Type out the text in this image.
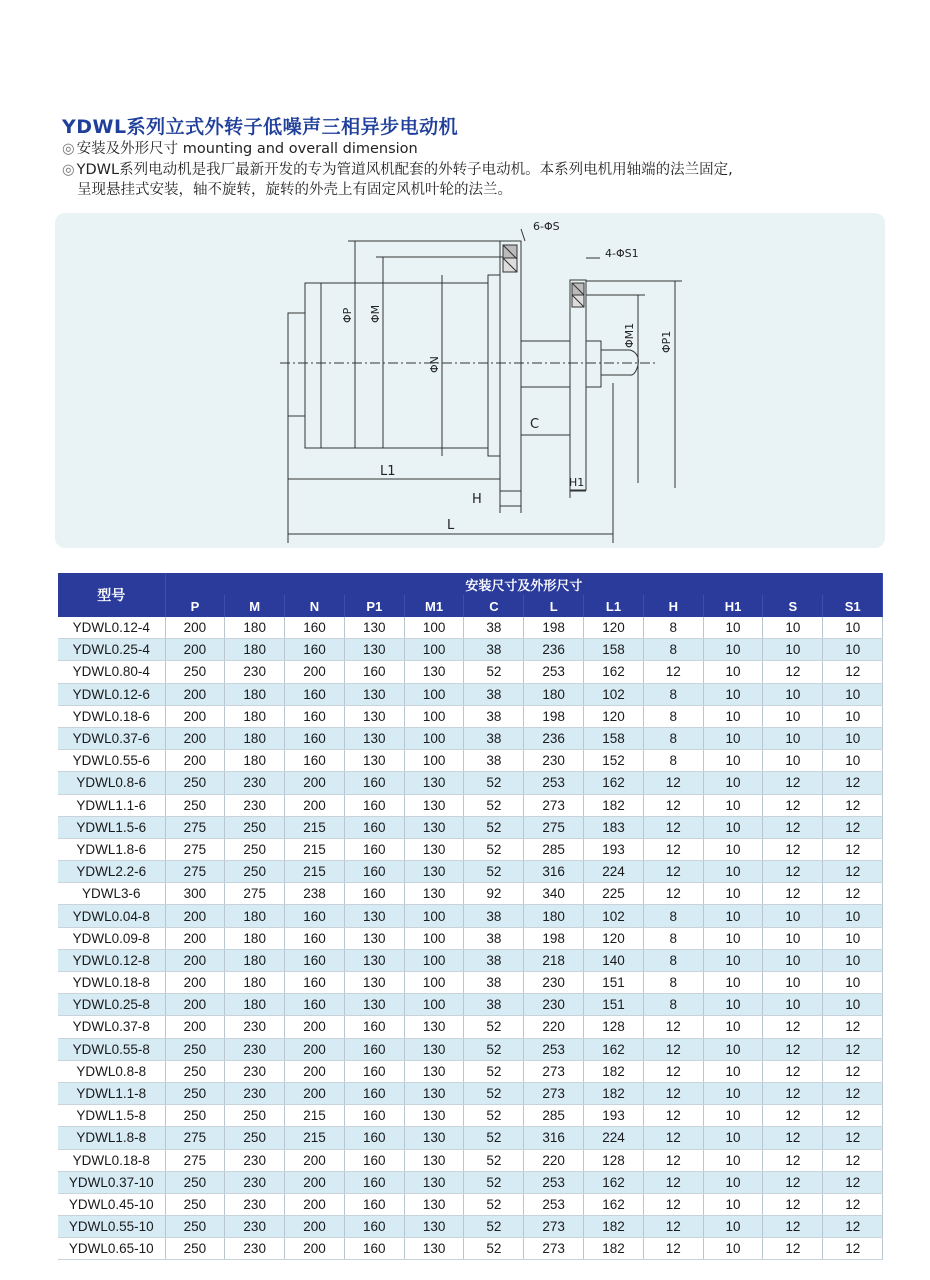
YDWL系列立式外转子低噪声三相异步电动机
◎ 安装及外形尺寸 mounting and overall dimension
◎ YDWL系列电动机是我厂最新开发的专为管道风机配套的外转子电动机。本系列电机用轴端的法兰固定,
呈现悬挂式安装，轴不旋转，旋转的外壳上有固定风机叶轮的法兰。
6-ΦS
4-ΦS1
ΦP ΦM
ΦN
ΦM1 ΦP1
C
L1
H
H1
L
型号	安装尺寸及外形尺寸											
	P	M	N	P1	M1	C	L	L1	H	H1	S	S1
YDWL0.12-4	200	180	160	130	100	38	198	120	8	10	10	10
YDWL0.25-4	200	180	160	130	100	38	236	158	8	10	10	10
YDWL0.80-4	250	230	200	160	130	52	253	162	12	10	12	12
YDWL0.12-6	200	180	160	130	100	38	180	102	8	10	10	10
YDWL0.18-6	200	180	160	130	100	38	198	120	8	10	10	10
YDWL0.37-6	200	180	160	130	100	38	236	158	8	10	10	10
YDWL0.55-6	200	180	160	130	100	38	230	152	8	10	10	10
YDWL0.8-6	250	230	200	160	130	52	253	162	12	10	12	12
YDWL1.1-6	250	230	200	160	130	52	273	182	12	10	12	12
YDWL1.5-6	275	250	215	160	130	52	275	183	12	10	12	12
YDWL1.8-6	275	250	215	160	130	52	285	193	12	10	12	12
YDWL2.2-6	275	250	215	160	130	52	316	224	12	10	12	12
YDWL3-6	300	275	238	160	130	92	340	225	12	10	12	12
YDWL0.04-8	200	180	160	130	100	38	180	102	8	10	10	10
YDWL0.09-8	200	180	160	130	100	38	198	120	8	10	10	10
YDWL0.12-8	200	180	160	130	100	38	218	140	8	10	10	10
YDWL0.18-8	200	180	160	130	100	38	230	151	8	10	10	10
YDWL0.25-8	200	180	160	130	100	38	230	151	8	10	10	10
YDWL0.37-8	200	230	200	160	130	52	220	128	12	10	12	12
YDWL0.55-8	250	230	200	160	130	52	253	162	12	10	12	12
YDWL0.8-8	250	230	200	160	130	52	273	182	12	10	12	12
YDWL1.1-8	250	230	200	160	130	52	273	182	12	10	12	12
YDWL1.5-8	250	250	215	160	130	52	285	193	12	10	12	12
YDWL1.8-8	275	250	215	160	130	52	316	224	12	10	12	12
YDWL0.18-8	275	230	200	160	130	52	220	128	12	10	12	12
YDWL0.37-10	250	230	200	160	130	52	253	162	12	10	12	12
YDWL0.45-10	250	230	200	160	130	52	253	162	12	10	12	12
YDWL0.55-10	250	230	200	160	130	52	273	182	12	10	12	12
YDWL0.65-10	250	230	200	160	130	52	273	182	12	10	12	12
